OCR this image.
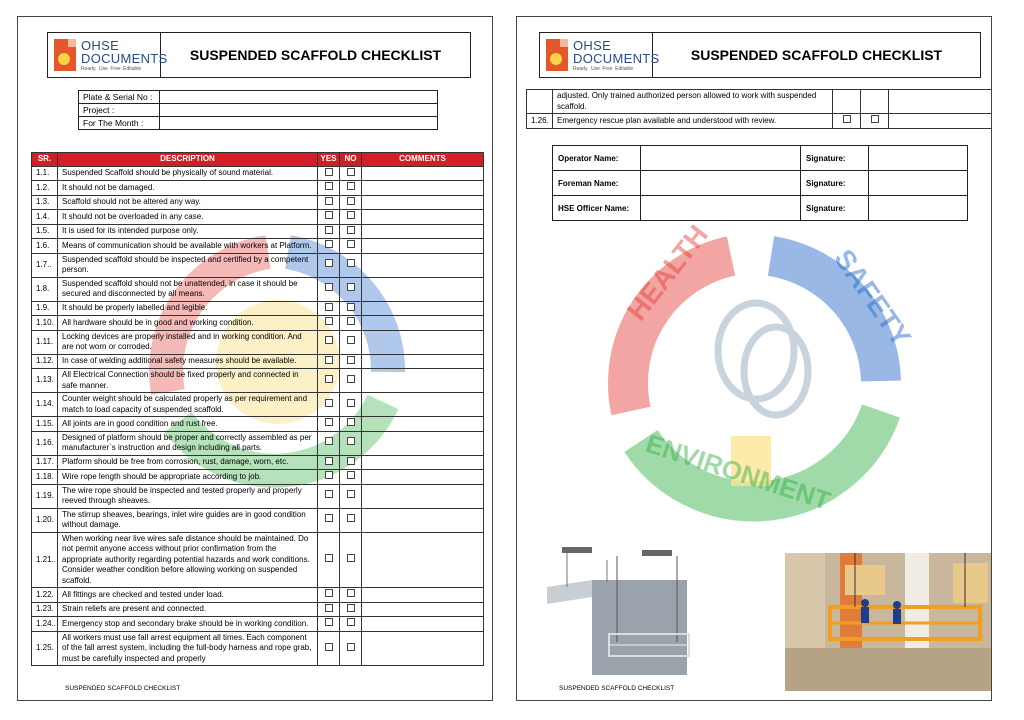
OHSE
DOCUMENTS
Ready. Use Free Editable
SUSPENDED SCAFFOLD CHECKLIST
Plate & Serial No :	
Project :	
For The Month :	
SR.	DESCRIPTION	YES	NO	COMMENTS
1.1.	Suspended Scaffold should be physically of sound material.			
1.2.	It should not be damaged.			
1.3.	Scaffold should not be altered any way.			
1.4.	It should not be overloaded in any case.			
1.5.	It is used for its intended purpose only.			
1.6.	Means of communication should be available with workers at Platform.			
1.7..	Suspended scaffold should be inspected and certified by a competent person.			
1.8.	Suspended scaffold should not be unattended, in case it should be secured and disconnected by all means.			
1.9.	It should be properly labelled and legible.			
1.10.	All hardware should be in good and working condition.			
1.11.	Locking devices are properly installed and in working condition. And are not worn or corroded.			
1.12.	In case of welding additional safety measures should be available.			
1.13.	All Electrical Connection should be fixed properly and connected in safe manner.			
1.14.	Counter weight should be calculated properly as per requirement and match to load capacity of suspended scaffold.			
1.15.	All joints are in good condition and rust free.			
1.16.	Designed of platform should be proper and correctly assembled as per manufacturer`s instruction and design including all parts.			
1.17.	Platform should be free from corrosion, rust, damage, worn, etc.			
1.18.	Wire rope length should be appropriate according to job.			
1.19.	The wire rope should be inspected and tested properly and properly reeved through sheaves.			
1.20.	The stirrup sheaves, bearings, inlet wire guides are in good condition without damage.			
1.21..	When working near live wires safe distance should be maintained. Do not permit anyone access without prior confirmation from the appropriate authority regarding potential hazards and work conditions. Consider weather condition before allowing working on suspended scaffold.			
1.22.	All fittings are checked and tested under load.			
1.23.	Strain reliefs are present and connected.			
1.24..	Emergency stop and secondary brake should be in working condition.			
1.25.	All workers must use fall arrest equipment all times. Each component of the fall arrest system, including the full-body harness and rope grab, must be carefully inspected and properly			
SUSPENDED SCAFFOLD CHECKLIST
OHSE
DOCUMENTS
Ready. Use Free Editable
SUSPENDED SCAFFOLD CHECKLIST
	adjusted. Only trained authorized person allowed to work with suspended scaffold.			
1.26.	Emergency rescue plan available and understood with review.			
Operator Name:		Signature:	
Foreman Name:		Signature:	
HSE Officer Name:		Signature:	
HEALTH	SAFETY
ENVIRONMENT
SUSPENDED SCAFFOLD CHECKLIST
